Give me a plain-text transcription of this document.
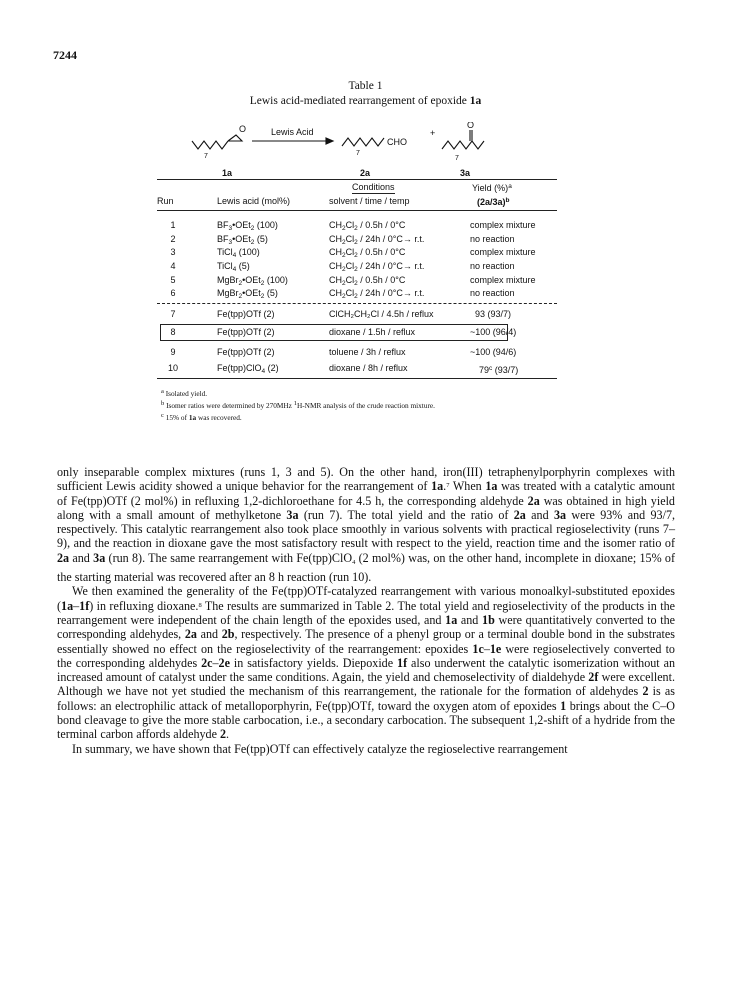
7244
Table 1
Lewis acid-mediated rearrangement of epoxide 1a
O
7
1a
Lewis Acid
7
CHO
+
2a
O
7
3a
Conditions	Yield (%)$^a$
Run	Lewis acid (mol%)	solvent / time / temp	$(2a/3a)^b$
1	$BF_3•OEt_2$ (100)	$CH_2Cl_2 / 0.5h / 0^\circ C$	complex mixture
2	$BF_3•OEt_2$ (5)	$CH_2Cl_2 / 24h / 0^\circ C\to r.t$.	no reaction
3	TiCl$_4$ (100)	$CH_2Cl_2 / 0.5h / 0^\circ C$	complex mixture
4	TiCl$_4$ (5)	$CH_2Cl_2 / 24h / 0^\circ C\to r.t$.	no reaction
5	MgBr$_2$•OEt$_2$ (100)	$CH_2Cl_2 / 0.5h / 0^\circ C$	complex mixture
6	MgBr$_2$•OEt$_2$ (5)	$CH_2Cl_2 / 24h / 0^\circ C\to r.t$.	no reaction
7	Fe(tpp)OTf (2)	ClCH₂CH₂Cl / 4.5h / reflux	93 (93/7)
8	Fe(tpp)OTf (2)	dioxane / 1.5h / reflux	~100 (96/4)
9	Fe(tpp)OTf (2)	toluene / 3h / reflux	~100 (94/6)
10	Fe(tpp)ClO$_4$ (2)	dioxane / 8h / reflux	79$^c$ (93/7)
$^a$ Isolated yield.
$^b$ Isomer ratios were determined by 270MHz $^1$H-NMR analysis of the crude reaction mixture.
$^c$ 15% of 1a was recovered.

only inseparable complex mixtures (runs 1, 3 and 5). On the other hand, iron(III) tetraphenylporphyrin complexes with sufficient Lewis acidity showed a unique behavior for the rearrangement of 1a.$^7$ When 1a was treated with a catalytic amount of Fe(tpp)OTf (2 mol%) in refluxing 1,2-dichloroethane for 4.5 h, the corresponding aldehyde 2a was obtained in high yield along with a small amount of methylketone 3a (run 7). The total yield and the ratio of 2a and 3a were 93% and 93/7, respectively. This catalytic rearrangement also took place smoothly in various solvents with practical regioselectivity (runs 7–9), and the reaction in dioxane gave the most satisfactory result with respect to the yield, reaction time and the isomer ratio of 2a and 3a (run 8). The same rearrangement with Fe(tpp)ClO$_4$ (2 mol%) was, on the other hand, incomplete in dioxane; 15% of the starting material was recovered after an 8 h reaction (run 10).

We then examined the generality of the Fe(tpp)OTf-catalyzed rearrangement with various monoalkyl-substituted epoxides (1a–1f) in refluxing dioxane.$^8$ The results are summarized in Table 2. The total yield and regioselectivity of the products in the rearrangement were independent of the chain length of the epoxides used, and 1a and 1b were quantitatively converted to the corresponding aldehydes, 2a and 2b, respectively. The presence of a phenyl group or a terminal double bond in the substrates essentially showed no effect on the regioselectivity of the rearrangement: epoxides 1c–1e were regioselectively converted to the corresponding aldehydes 2c–2e in satisfactory yields. Diepoxide 1f also underwent the catalytic isomerization without an increased amount of catalyst under the same conditions. Again, the yield and chemoselectivity of dialdehyde 2f were excellent. Although we have not yet studied the mechanism of this rearrangement, the rationale for the formation of aldehydes 2 is as follows: an electrophilic attack of metalloporphyrin, Fe(tpp)OTf, toward the oxygen atom of epoxides 1 brings about the C–O bond cleavage to give the more stable carbocation, i.e., a secondary carbocation. The subsequent 1,2-shift of a hydride from the terminal carbon affords aldehyde 2.

In summary, we have shown that Fe(tpp)OTf can effectively catalyze the regioselective rearrangement
